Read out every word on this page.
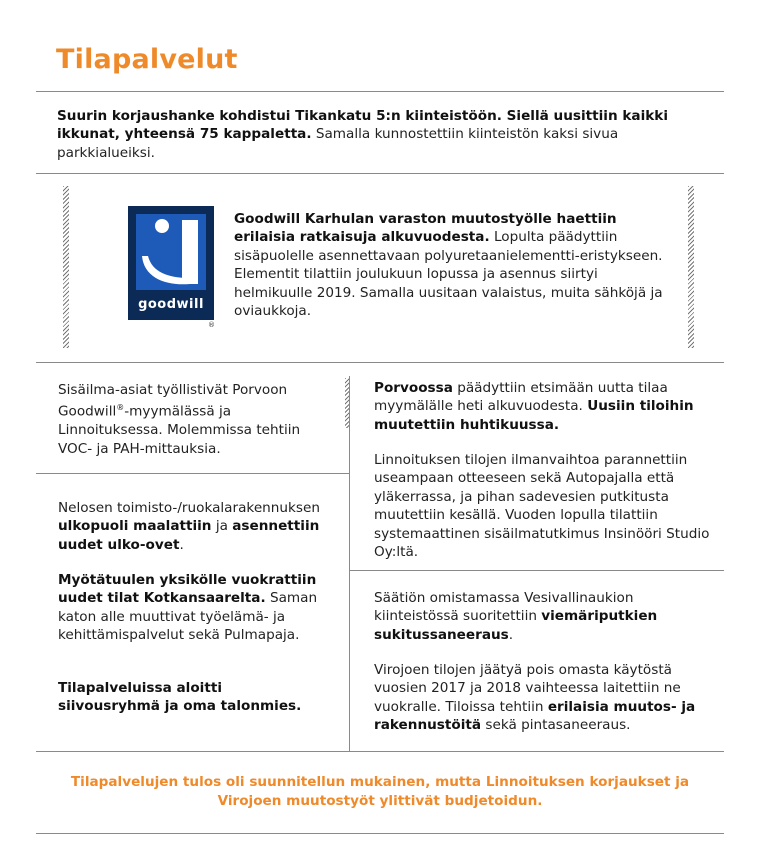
Tilapalvelut

Suurin korjaushanke kohdistui Tikankatu 5:n kiinteistöön. Siellä uusittiin kaikki ikkunat, yhteensä 75 kappaletta. Samalla kunnostettiin kiinteistön kaksi sivua parkkialueiksi.

goodwill
®

Goodwill Karhulan varaston muutostyölle haettiin erilaisia ratkaisuja alkuvuodesta. Lopulta päädyttiin sisäpuolelle asennettavaan polyuretaanielementti-eristykseen. Elementit tilattiin joulukuun lopussa ja asennus siirtyi helmikuulle 2019. Samalla uusitaan valaistus, muita sähköjä ja oviaukkoja.

Sisäilma-asiat työllistivät Porvoon Goodwill®-myymälässä ja Linnoituksessa. Molemmissa tehtiin VOC- ja PAH-mittauksia.

Nelosen toimisto-/ruokalarakennuksen ulkopuoli maalattiin ja asennettiin uudet ulko-ovet.

Myötätuulen yksikölle vuokrattiin uudet tilat Kotkansaarelta. Saman katon alle muuttivat työelämä- ja kehittämispalvelut sekä Pulmapaja.

Tilapalveluissa aloitti siivousryhmä ja oma talonmies.

Porvoossa päädyttiin etsimään uutta tilaa myymälälle heti alkuvuodesta. Uusiin tiloihin muutettiin huhtikuussa.

Linnoituksen tilojen ilmanvaihtoa parannettiin useampaan otteeseen sekä Autopajalla että yläkerrassa, ja pihan sadevesien putkitusta muutettiin kesällä. Vuoden lopulla tilattiin systemaattinen sisäilmatutkimus Insinööri Studio Oy:ltä.

Säätiön omistamassa Vesivallinaukion kiinteistössä suoritettiin viemäriputkien sukitussaneeraus.

Virojoen tilojen jäätyä pois omasta käytöstä vuosien 2017 ja 2018 vaihteessa laitettiin ne vuokralle. Tiloissa tehtiin erilaisia muutos- ja rakennustöitä sekä pintasaneeraus.

Tilapalvelujen tulos oli suunnitellun mukainen, mutta Linnoituksen korjaukset ja Virojoen muutostyöt ylittivät budjetoidun.
